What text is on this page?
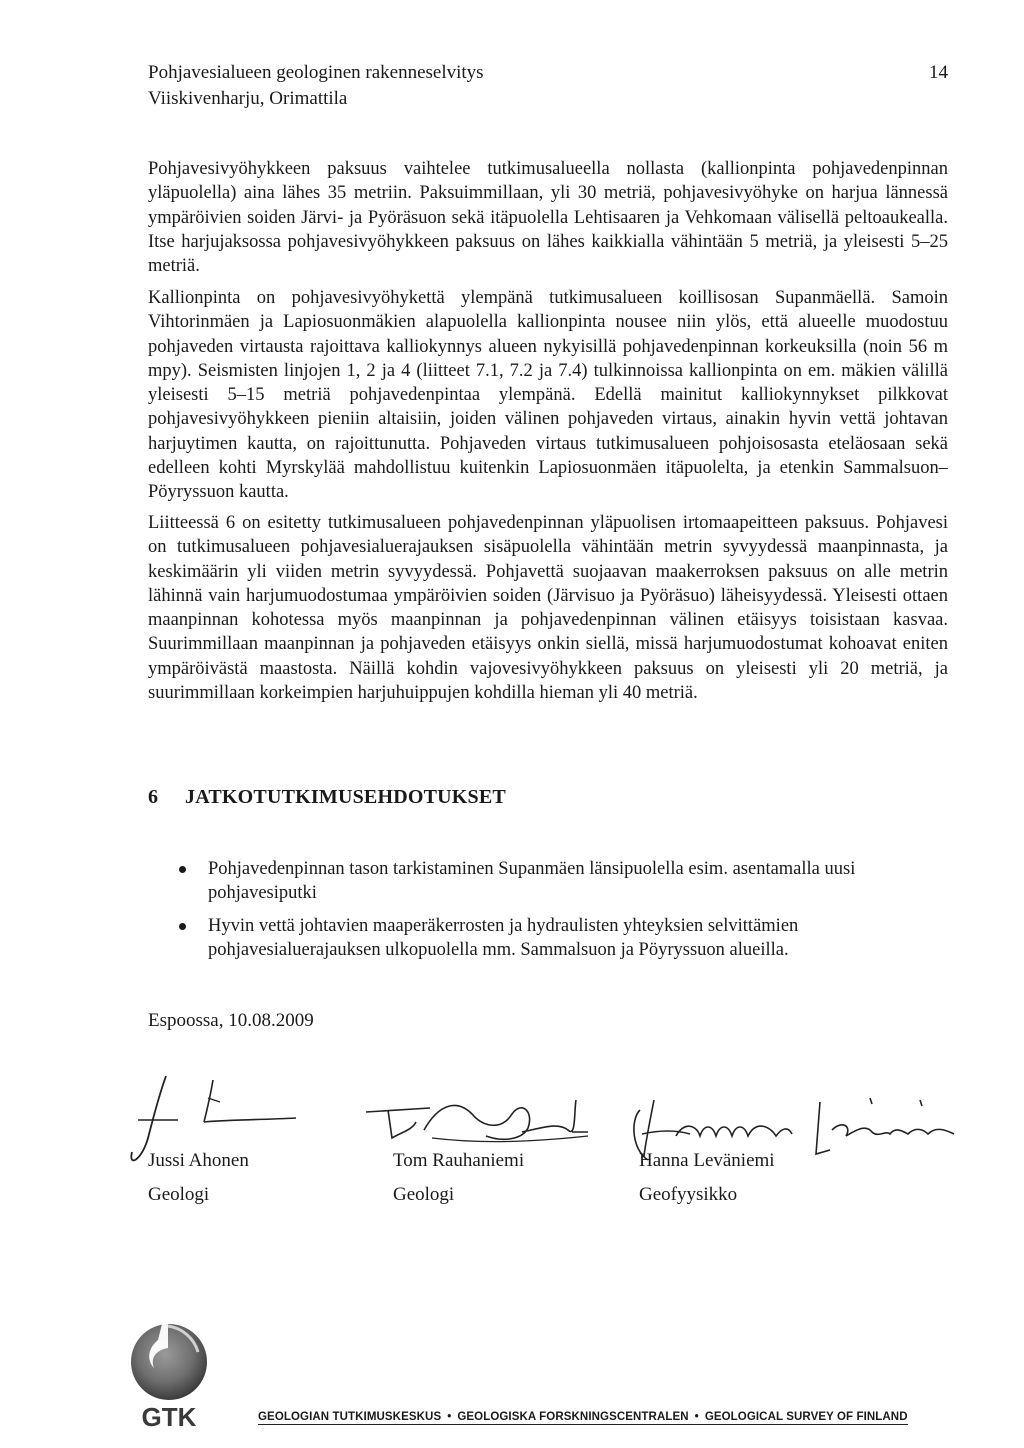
Pohjavesialueen geologinen rakenneselvitys
Viiskivenharju, Orimattila
14

Pohjavesivyöhykkeen paksuus vaihtelee tutkimusalueella nollasta (kallionpinta pohjavedenpinnan yläpuolella) aina lähes 35 metriin. Paksuimmillaan, yli 30 metriä, pohjavesivyöhyke on harjua lännessä ympäröivien soiden Järvi- ja Pyöräsuon sekä itäpuolella Lehtisaaren ja Vehkomaan välisellä peltoaukealla. Itse harjujaksossa pohjavesivyöhykkeen paksuus on lähes kaikkialla vähintään 5 metriä, ja yleisesti 5–25 metriä.

Kallionpinta on pohjavesivyöhykettä ylempänä tutkimusalueen koillisosan Supanmäellä. Samoin Vihtorinmäen ja Lapiosuonmäkien alapuolella kallionpinta nousee niin ylös, että alueelle muodostuu pohjaveden virtausta rajoittava kalliokynnys alueen nykyisillä pohjavedenpinnan korkeuksilla (noin 56 m mpy). Seismisten linjojen 1, 2 ja 4 (liitteet 7.1, 7.2 ja 7.4) tulkinnoissa kallionpinta on em. mäkien välillä yleisesti 5–15 metriä pohjavedenpintaa ylempänä. Edellä mainitut kalliokynnykset pilkkovat pohjavesivyöhykkeen pieniin altaisiin, joiden välinen pohjaveden virtaus, ainakin hyvin vettä johtavan harjuytimen kautta, on rajoittunutta. Pohjaveden virtaus tutkimusalueen pohjoisosasta eteläosaan sekä edelleen kohti Myrskylää mahdollistuu kuitenkin Lapiosuonmäen itäpuolelta, ja etenkin Sammalsuon–Pöyryssuon kautta.

Liitteessä 6 on esitetty tutkimusalueen pohjavedenpinnan yläpuolisen irtomaapeitteen paksuus. Pohjavesi on tutkimusalueen pohjavesialuerajauksen sisäpuolella vähintään metrin syvyydessä maanpinnasta, ja keskimäärin yli viiden metrin syvyydessä. Pohjavettä suojaavan maakerroksen paksuus on alle metrin lähinnä vain harjumuodostumaa ympäröivien soiden (Järvisuo ja Pyöräsuo) läheisyydessä. Yleisesti ottaen maanpinnan kohotessa myös maanpinnan ja pohjavedenpinnan välinen etäisyys toisistaan kasvaa. Suurimmillaan maanpinnan ja pohjaveden etäisyys onkin siellä, missä harjumuodostumat kohoavat eniten ympäröivästä maastosta. Näillä kohdin vajovesivyöhykkeen paksuus on yleisesti yli 20 metriä, ja suurimmillaan korkeimpien harjuhuippujen kohdilla hieman yli 40 metriä.

6 JATKOTUTKIMUSEHDOTUKSET
Pohjavedenpinnan tason tarkistaminen Supanmäen länsipuolella esim. asentamalla uusi pohjavesiputki
Hyvin vettä johtavien maaperäkerrosten ja hydraulisten yhteyksien selvittämien pohjavesialuerajauksen ulkopuolella mm. Sammalsuon ja Pöyryssuon alueilla.
Espoossa, 10.08.2009
Jussi Ahonen
Geologi
Tom Rauhaniemi
Geologi
Hanna Leväniemi
Geofyysikko
GTK	GEOLOGIAN TUTKIMUSKESKUS • GEOLOGISKA FORSKNINGSCENTRALEN • GEOLOGICAL SURVEY OF FINLAND
